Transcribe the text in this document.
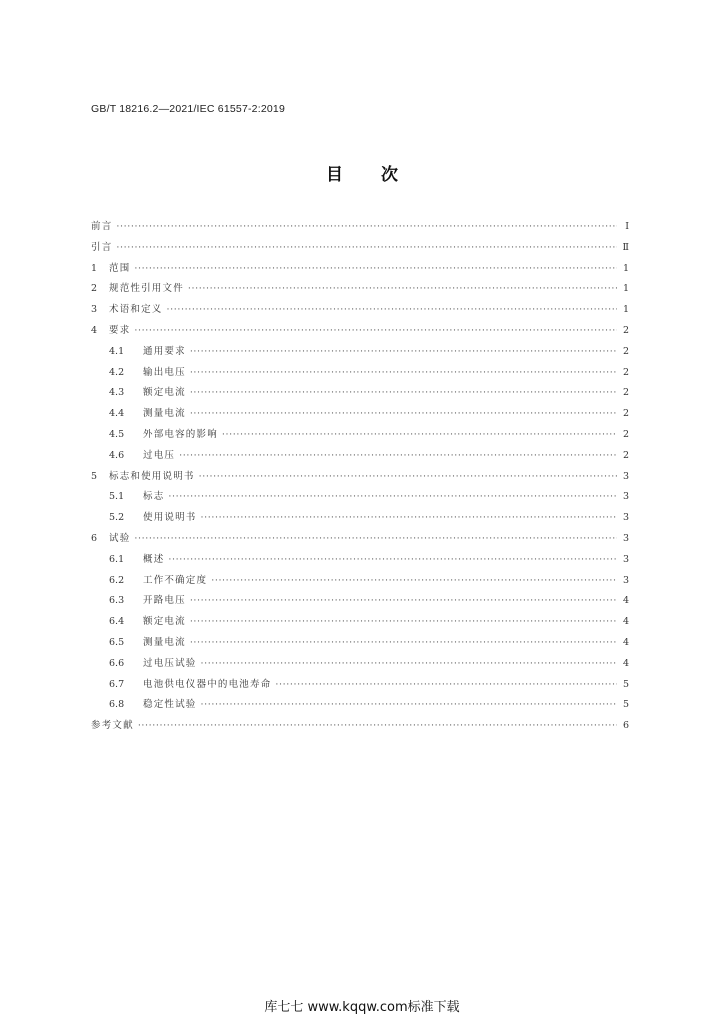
GB/T 18216.2—2021/IEC 61557-2:2019
目次
前言 ·····	Ⅰ
引言 ·····	Ⅱ
1	范围 ·····	1
2	规范性引用文件 ·····	1
3	术语和定义 ·····	1
4	要求 ·····	2
4.1	通用要求 ·····	2
4.2	输出电压 ·····	2
4.3	额定电流 ·····	2
4.4	测量电流 ·····	2
4.5	外部电容的影响 ·····	2
4.6	过电压 ·····	2
5	标志和使用说明书 ·····	3
5.1	标志 ·····	3
5.2	使用说明书 ·····	3
6	试验 ·····	3
6.1	概述 ·····	3
6.2	工作不确定度 ·····	3
6.3	开路电压 ·····	4
6.4	额定电流 ·····	4
6.5	测量电流 ·····	4
6.6	过电压试验 ·····	4
6.7	电池供电仪器中的电池寿命 ·····	5
6.8	稳定性试验 ·····	5
参考文献 ·····	6
库七七 www.kqqw.com标准下载
